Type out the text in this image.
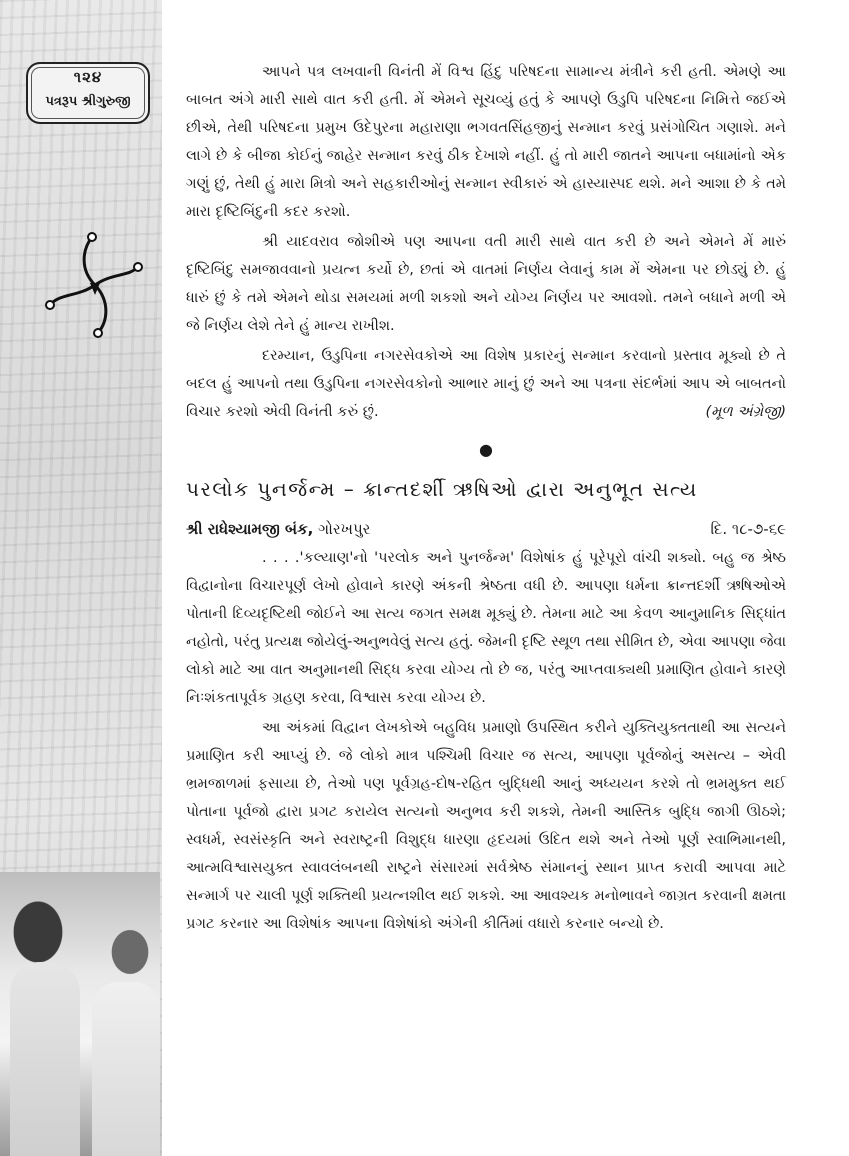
૧૨૪
પત્રરૂપ શ્રીગુરુજી

આપને પત્ર લખવાની વિનંતી મેં વિશ્વ હિંદુ પરિષદના સામાન્ય મંત્રીને કરી હતી. એમણે આ બાબત અંગે મારી સાથે વાત કરી હતી. મેં એમને સૂચવ્યું હતું કે આપણે ઉડુપિ પરિષદના નિમિત્તે જઈએ છીએ, તેથી પરિષદના પ્રમુખ ઉદેપુરના મહારાણા ભગવતસિંહજીનું સન્માન કરવું પ્રસંગોચિત ગણાશે. મને લાગે છે કે બીજા કોઈનું જાહેર સન્માન કરવું ઠીક દેખાશે નહીં. હું તો મારી જાતને આપના બધામાંનો એક ગણું છું, તેથી હું મારા મિત્રો અને સહકારીઓનું સન્માન સ્વીકારું એ હાસ્યાસ્પદ થશે. મને આશા છે કે તમે મારા દૃષ્ટિબિંદુની કદર કરશો.

શ્રી યાદવરાવ જોશીએ પણ આપના વતી મારી સાથે વાત કરી છે અને એમને મેં મારું દૃષ્ટિબિંદુ સમજાવવાનો પ્રયત્ન કર્યો છે, છતાં એ વાતમાં નિર્ણય લેવાનું કામ મેં એમના પર છોડ્યું છે. હું ધારું છું કે તમે એમને થોડા સમયમાં મળી શકશો અને યોગ્ય નિર્ણય પર આવશો. તમને બધાને મળી એ જે નિર્ણય લેશે તેને હું માન્ય રાખીશ.

દરમ્યાન, ઉડુપિના નગરસેવકોએ આ વિશેષ પ્રકારનું સન્માન કરવાનો પ્રસ્તાવ મૂક્યો છે તે બદલ હું આપનો તથા ઉડુપિના નગરસેવકોનો આભાર માનું છું અને આ પત્રના સંદર્ભમાં આપ એ બાબતનો વિચાર કરશો એવી વિનંતી કરું છું.	(મૂળ અંગ્રેજી)

●
પરલોક પુનર્જન્મ – ક્રાન્તદર્શી ઋષિઓ દ્વારા અનુભૂત સત્ય
શ્રી રાધેશ્યામજી બંક, ગોરખપુર	દિ. ૧૮-૭-૬૯

. . . .'કલ્યાણ'નો 'પરલોક અને પુનર્જન્મ' વિશેષાંક હું પૂરેપૂરો વાંચી શક્યો. બહુ જ શ્રેષ્ઠ વિદ્વાનોના વિચારપૂર્ણ લેખો હોવાને કારણે અંકની શ્રેષ્ઠતા વધી છે. આપણા ધર્મના ક્રાન્તદર્શી ઋષિઓએ પોતાની દિવ્યદૃષ્ટિથી જોઈને આ સત્ય જગત સમક્ષ મૂક્યું છે. તેમના માટે આ કેવળ આનુમાનિક સિદ્ધાંત નહોતો, પરંતુ પ્રત્યક્ષ જોયેલું-અનુભવેલું સત્ય હતું. જેમની દૃષ્ટિ સ્થૂળ તથા સીમિત છે, એવા આપણા જેવા લોકો માટે આ વાત અનુમાનથી સિદ્ધ કરવા યોગ્ય તો છે જ, પરંતુ આપ્તવાક્યથી પ્રમાણિત હોવાને કારણે નિઃશંકતાપૂર્વક ગ્રહણ કરવા, વિશ્વાસ કરવા યોગ્ય છે.

આ અંકમાં વિદ્વાન લેખકોએ બહુવિધ પ્રમાણો ઉપસ્થિત કરીને યુક્તિયુક્તતાથી આ સત્યને પ્રમાણિત કરી આપ્યું છે. જે લોકો માત્ર પશ્ચિમી વિચાર જ સત્ય, આપણા પૂર્વજોનું અસત્ય – એવી ભ્રમજાળમાં ફસાયા છે, તેઓ પણ પૂર્વગ્રહ-દોષ-રહિત બુદ્ધિથી આનું અધ્યયન કરશે તો ભ્રમમુક્ત થઈ પોતાના પૂર્વજો દ્વારા પ્રગટ કરાયેલ સત્યનો અનુભવ કરી શકશે, તેમની આસ્તિક બુદ્ધિ જાગી ઊઠશે; સ્વધર્મ, સ્વસંસ્કૃતિ અને સ્વરાષ્ટ્રની વિશુદ્ધ ધારણા હૃદયમાં ઉદિત થશે અને તેઓ પૂર્ણ સ્વાભિમાનથી, આત્મવિશ્વાસયુક્ત સ્વાવલંબનથી રાષ્ટ્રને સંસારમાં સર્વશ્રેષ્ઠ સંમાનનું સ્થાન પ્રાપ્ત કરાવી આપવા માટે સન્માર્ગ પર ચાલી પૂર્ણ શક્તિથી પ્રયત્નશીલ થઈ શકશે. આ આવશ્યક મનોભાવને જાગ્રત કરવાની ક્ષમતા પ્રગટ કરનાર આ વિશેષાંક આપના વિશેષાંકો અંગેની કીર્તિમાં વધારો કરનાર બન્યો છે.
